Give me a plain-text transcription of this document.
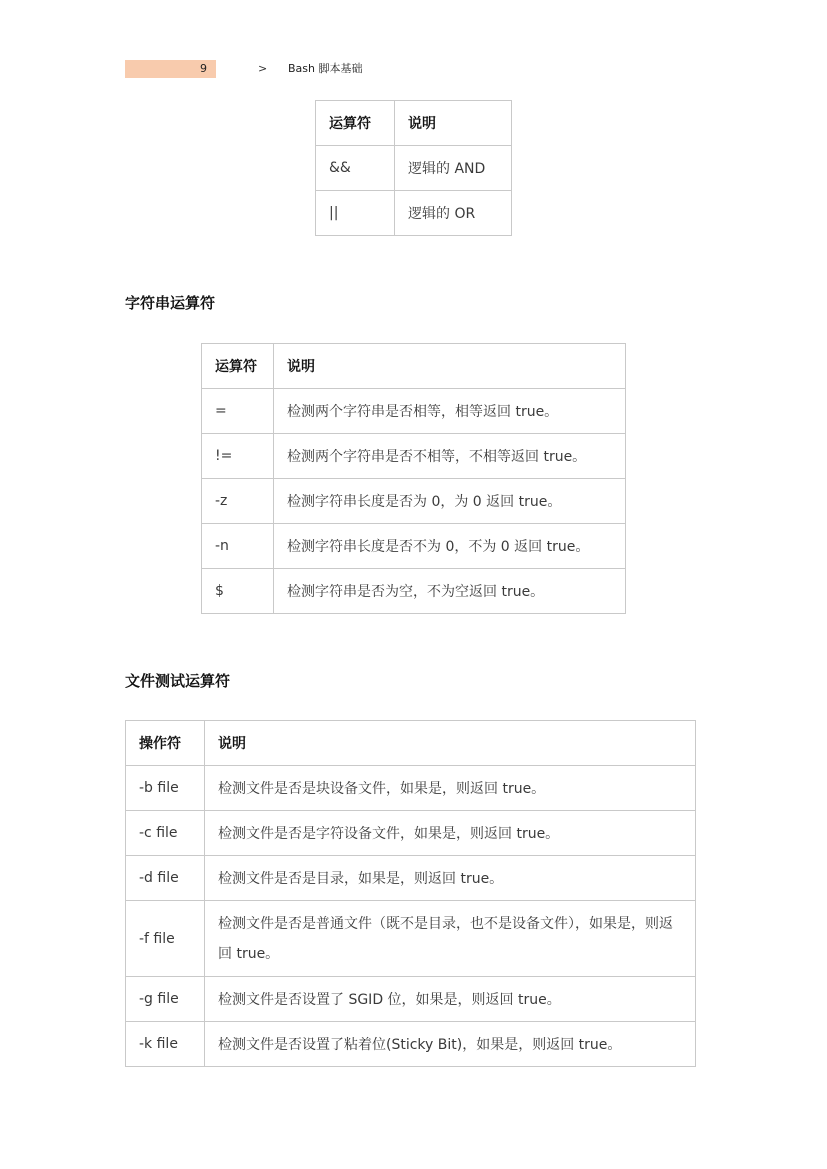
9	> Bash 脚本基础
运算符	说明
&&	逻辑的 AND
||	逻辑的 OR
字符串运算符
运算符	说明
=	检测两个字符串是否相等，相等返回 true。
!=	检测两个字符串是否不相等，不相等返回 true。
-z	检测字符串长度是否为 0，为 0 返回 true。
-n	检测字符串长度是否不为 0，不为 0 返回 true。
$	检测字符串是否为空，不为空返回 true。
文件测试运算符
操作符	说明
-b file	检测文件是否是块设备文件，如果是，则返回 true。
-c file	检测文件是否是字符设备文件，如果是，则返回 true。
-d file	检测文件是否是目录，如果是，则返回 true。
-f file	检测文件是否是普通文件（既不是目录，也不是设备文件），如果是，则返回 true。
-g file	检测文件是否设置了 SGID 位，如果是，则返回 true。
-k file	检测文件是否设置了粘着位(Sticky Bit)，如果是，则返回 true。
